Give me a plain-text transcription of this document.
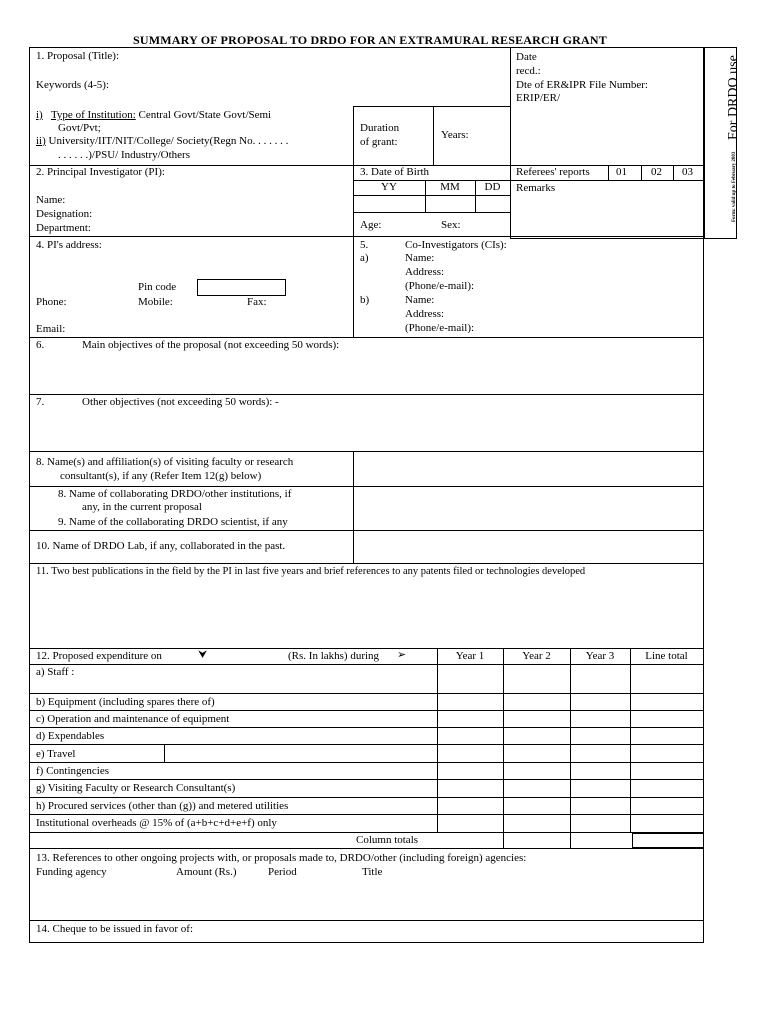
SUMMARY OF PROPOSAL TO DRDO FOR AN EXTRAMURAL RESEARCH GRANT
For DRDO use
Form: valid up to February 2003
Date
recd.:
Dte of ER&IPR File Number:
ERIP/ER/
Referees' reports 01 02 03
Remarks
1. Proposal (Title):
Keywords (4-5):
i) Type of Institution: Central Govt/State Govt/Semi
Govt/Pvt;
ii) University/IIT/NIT/College/ Society(Regn No. . . . . . .
. . . . . .)/PSU/ Industry/Others
Duration
of grant:
Years:
2. Principal Investigator (PI):
Name:
Designation:
Department:
3. Date of Birth
YY	MM	DD
Age:	Sex:
4. PI's address:
Pin code
Phone:	Mobile:	Fax:
Email:
5.	Co-Investigators (CIs):
a)	Name:
Address:
(Phone/e-mail):
b)	Name:
Address:
(Phone/e-mail):
6.	Main objectives of the proposal (not exceeding 50 words):
7.	Other objectives (not exceeding 50 words): -
8. Name(s) and affiliation(s) of visiting faculty or research
consultant(s), if any (Refer Item 12(g) below)
8. Name of collaborating DRDO/other institutions, if
any, in the current proposal
9. Name of the collaborating DRDO scientist, if any
10. Name of DRDO Lab, if any, collaborated in the past.
11. Two best publications in the field by the PI in last five years and brief references to any patents filed or technologies developed
12. Proposed expenditure on	⮟	(Rs. In lakhs) during ➢	Year 1	Year 2	Year 3	Line total
a) Staff :
b) Equipment (including spares there of)
c) Operation and maintenance of equipment
d) Expendables
e) Travel
f) Contingencies
g) Visiting Faculty or Research Consultant(s)
h) Procured services (other than (g)) and metered utilities
Institutional overheads @ 15% of (a+b+c+d+e+f) only
Column totals
13. References to other ongoing projects with, or proposals made to, DRDO/other (including foreign) agencies:
Funding agency	Amount (Rs.)	Period	Title
14. Cheque to be issued in favor of:
